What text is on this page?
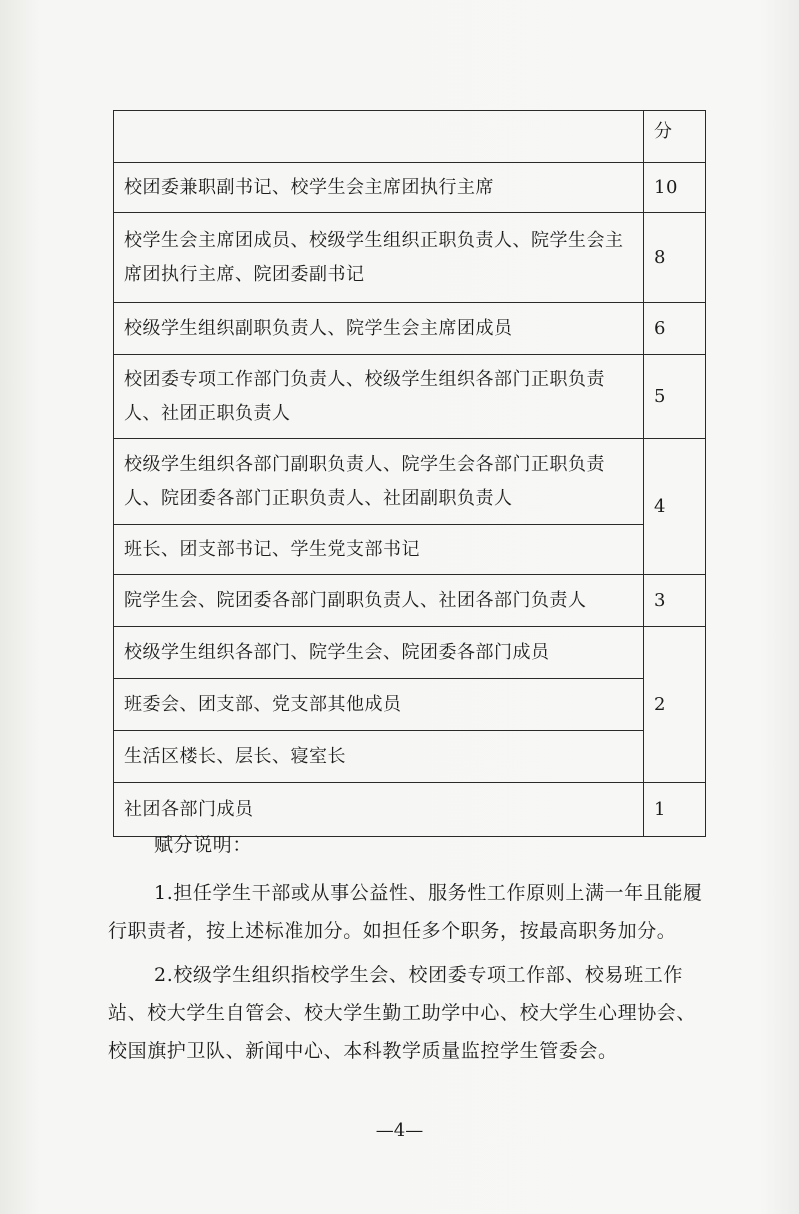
	分
校团委兼职副书记、校学生会主席团执行主席	10
校学生会主席团成员、校级学生组织正职负责人、院学生会主席团执行主席、院团委副书记	8
校级学生组织副职负责人、院学生会主席团成员	6
校团委专项工作部门负责人、校级学生组织各部门正职负责人、社团正职负责人	5
校级学生组织各部门副职负责人、院学生会各部门正职负责人、院团委各部门正职负责人、社团副职负责人	4
班长、团支部书记、学生党支部书记	
院学生会、院团委各部门副职负责人、社团各部门负责人	3
校级学生组织各部门、院学生会、院团委各部门成员	2
班委会、团支部、党支部其他成员	
生活区楼长、层长、寝室长	
社团各部门成员	1

赋分说明：

1.担任学生干部或从事公益性、服务性工作原则上满一年且能履行职责者，按上述标准加分。如担任多个职务，按最高职务加分。

2.校级学生组织指校学生会、校团委专项工作部、校易班工作站、校大学生自管会、校大学生勤工助学中心、校大学生心理协会、校国旗护卫队、新闻中心、本科教学质量监控学生管委会。

—4—
